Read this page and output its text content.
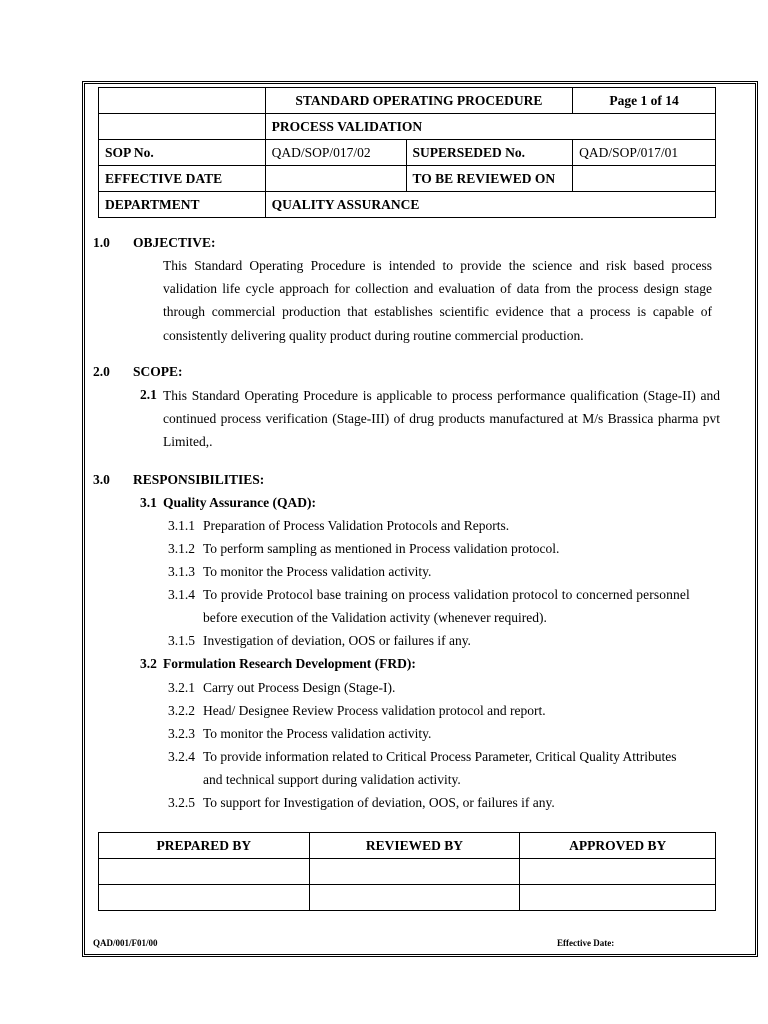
	STANDARD OPERATING PROCEDURE		Page 1 of 14
	PROCESS VALIDATION		
SOP No.	QAD/SOP/017/02	SUPERSEDED No.	QAD/SOP/017/01
EFFECTIVE DATE		TO BE REVIEWED ON	
DEPARTMENT	QUALITY ASSURANCE		
1.0 OBJECTIVE:

This Standard Operating Procedure is intended to provide the science and risk based process validation life cycle approach for collection and evaluation of data from the process design stage through commercial production that establishes scientific evidence that a process is capable of consistently delivering quality product during routine commercial production.

2.0 SCOPE:
2.1 This Standard Operating Procedure is applicable to process performance qualification (Stage-II) and continued process verification (Stage-III) of drug products manufactured at M/s Brassica pharma pvt Limited,.

3.0 RESPONSIBILITIES:
3.1 Quality Assurance (QAD):
3.1.1 Preparation of Process Validation Protocols and Reports.
3.1.2 To perform sampling as mentioned in Process validation protocol.
3.1.3 To monitor the Process validation activity.
3.1.4 To provide Protocol base training on process validation protocol to concerned personnel
before execution of the Validation activity (whenever required).
3.1.5 Investigation of deviation, OOS or failures if any.
3.2 Formulation Research Development (FRD):
3.2.1 Carry out Process Design (Stage-I).
3.2.2 Head/ Designee Review Process validation protocol and report.
3.2.3 To monitor the Process validation activity.
3.2.4 To provide information related to Critical Process Parameter, Critical Quality Attributes
and technical support during validation activity.
3.2.5 To support for Investigation of deviation, OOS, or failures if any.
PREPARED BY	REVIEWED BY	APPROVED BY

QAD/001/F01/00	Effective Date:
